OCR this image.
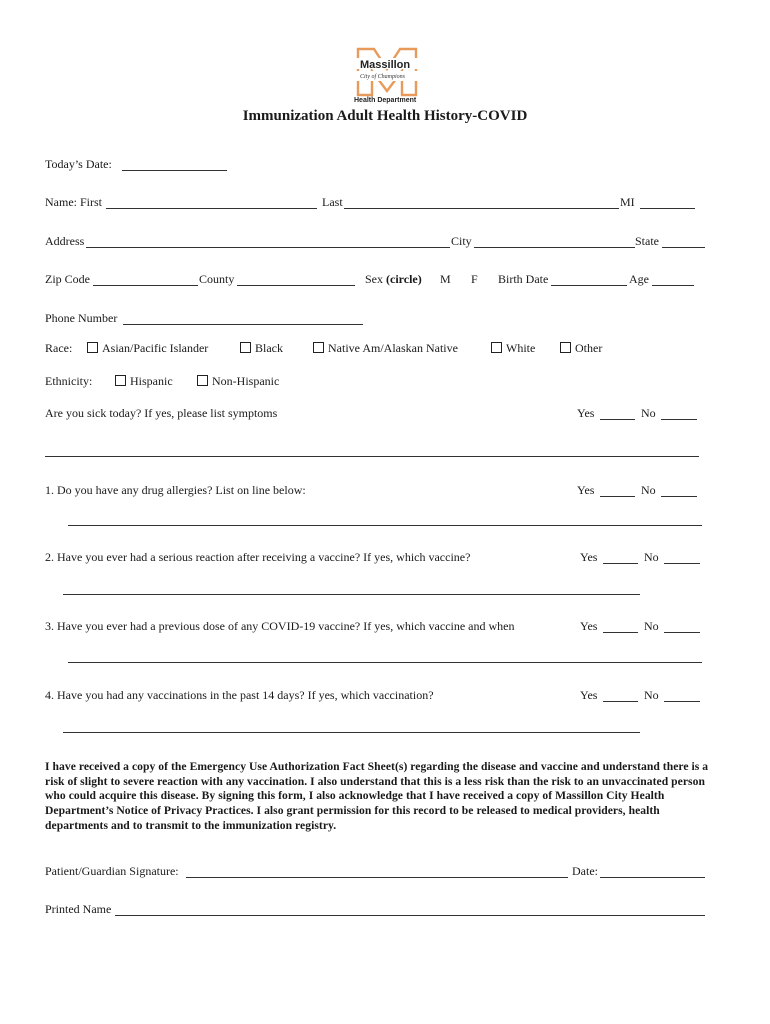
Massillon
City of Champions
Health Department
Immunization Adult Health History-COVID
Today’s Date:
Name: First	Last	MI
Address	City	State
Zip Code	County	Sex (circle) M F Birth Date	Age
Phone Number
Race:	Asian/Pacific Islander	Black	Native Am/Alaskan Native	White	Other
Ethnicity:	Hispanic	Non-Hispanic
Are you sick today? If yes, please list symptoms	Yes	No
1. Do you have any drug allergies? List on line below:	Yes	No
2. Have you ever had a serious reaction after receiving a vaccine? If yes, which vaccine?	Yes	No
3. Have you ever had a previous dose of any COVID-19 vaccine? If yes, which vaccine and when	Yes	No
4. Have you had any vaccinations in the past 14 days? If yes, which vaccination?	Yes	No
I have received a copy of the Emergency Use Authorization Fact Sheet(s) regarding the disease and vaccine and understand there is a risk of slight to severe reaction with any vaccination. I also understand that this is a less risk than the risk to an unvaccinated person who could acquire this disease. By signing this form, I also acknowledge that I have received a copy of Massillon City Health Department’s Notice of Privacy Practices. I also grant permission for this record to be released to medical providers, health departments and to transmit to the immunization registry.
Patient/Guardian Signature:	Date:
Printed Name
